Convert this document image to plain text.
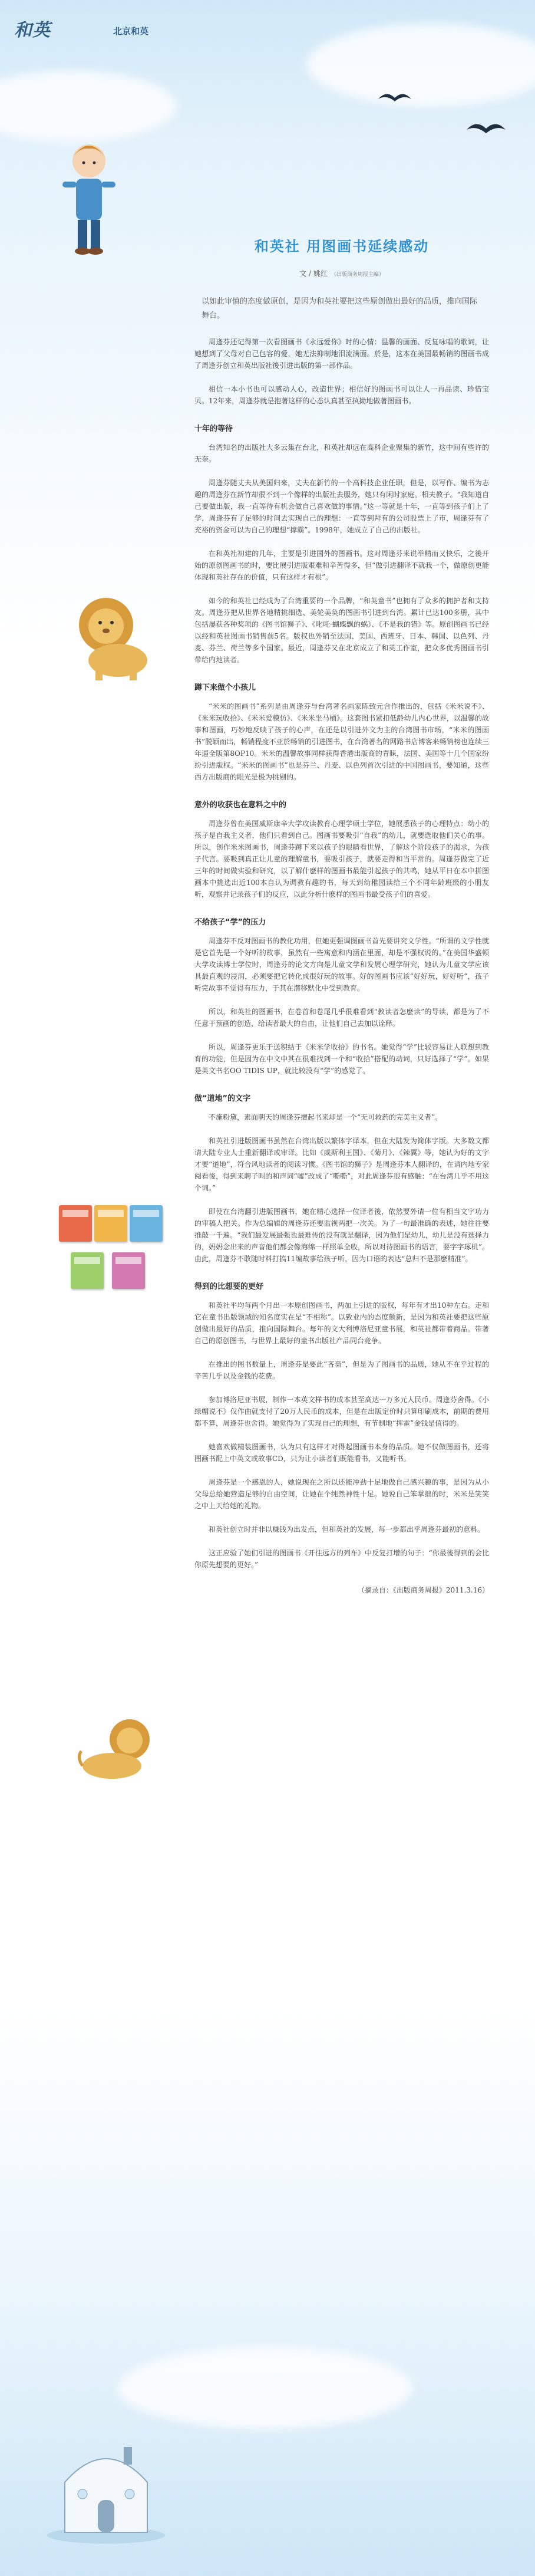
和英	北京和英
和英社 用图画书延续感动
文 / 姚红 （出版商务周报主编）

以如此审慎的态度做原创，是因为和英社要把这些原创做出最好的品质，推向国际舞台。

周逢芬还记得第一次看图画书《永远爱你》时的心情：温馨的画面、反复咏唱的歌词，让她想到了父母对自己包容的爱，她无法抑制地泪流满面。於是，这本在美国最畅销的图画书成了周逢芬创立和英出版社後引进出版的第一部作品。

相信一本小书也可以感动人心，改造世界；相信好的图画书可以让人一再品读、珍惜宝贝。12年来，周逢芬就是抱著这样的心态认真甚至执拗地做著图画书。

十年的等待

台湾知名的出版社大多云集在台北，和英社却远在高科企业聚集的新竹，这中间有些许的无奈。

周逢芬随丈夫从美国归来，丈夫在新竹的一个高科技企业任职，但是，以写作、编书为志趣的周逢芬在新竹却很不到一个像样的出版社去服务，她只有闲时家庭。相夫教子。“我知道自己要做出版，我一直等待有机会做自己喜欢做的事情。”这一等就是十年，一直等到孩子们上了学，周逢芬有了足够的时间去实现自己的理想：一直等到拜有的公司股票上了市，周逢芬有了充裕的资金可以为自己的理想“撑霸”。1998年，她成立了自己的出版社。

在和英社初建的几年，主要是引进国外的图画书。这对周逢芬来说举精而又快乐，之後开始的原创图画书的时，要比展引进版艰难和辛苦得多，但“做引进翻译不就我一个，做原创更能体现和英社存在的价值，只有这样才有根”。

如今的和英社已经成为了台湾重要的一个品牌，“和英童书”也拥有了众多的拥护者和支持友。周逢芬把从世界各地精挑细选、美轮美奂的图画书引进到台湾。累计已达100多册，其中包括屡获各种奖项的《图书馆狮子》、《叱吒·蝴蝶飘的蜗》、《不是我的错》等。原创图画书已经以经和英社图画书销售前5名。版权也外销至法国、美国、西班牙、日本、韩国、以色列、丹麦、芬兰、荷兰等多个国家。最近，周逢芬又在北京成立了和英工作室，把众多优秀图画书引带给内地读者。

蹲下来做个小孩儿

“米米的图画书”系列是由周逢芬与台湾著名画家陈致元合作推出的，包括《米米说不》、《米米玩收拾》、《米米爱模仿》、《米米坐马桶》。这套图书紧扣低龄幼儿内心世界，以温馨的故事和图画，巧妙地反映了孩子的心声，在还是以引进外文为主的台湾图书市场，“米米的图画书”脱颖而出，畅销程度不亚於畅销的引进图书，在台湾著名的网路书店博客来畅销榜也连续三年逼全版第8OP10。米米的温馨故事同样获得香港出版商的青睐，法国、美国等十几个国家纷纷引进版权。“米米的图画书”也是芬兰、丹麦、以色列首次引进的中国图画书，要知道，这些西方出版商的眼光是极为挑剔的。

意外的收获也在意料之中的

周逢芬曾在美国威斯康辛大学攻读教育心理学硕士学位，她展悉孩子的心理特点：幼小的孩子是自我主义者，他们只看到自己。图画书要吸引“自我”的幼儿，就要选取他们关心的事。所以，创作米米图画书，周逢芬蹲下来以孩子的眼睛看世界，了解这个阶段孩子的渴求，为孩子代言。要吸到真正让儿童的理解童书，要吸引孩子，就要走得和当平常的。周逢芬做完了近三年的时间做实验和研究，以了解什麽样的图画书最能引起孩子的共鸣，她从平日在本中拼图画本中挑选出近100本自认为调教有趣的书，每天到幼稚园读给三个不同年龄班级的小朋友听，观察并记录孩子们的反应，以此分析什麽样的图画书最受孩子们的喜爱。

不给孩子“学”的压力

周逢芬不反对图画书的教化功用，但她更强调图画书首先要讲究文学性。“所谓的文学性就是它首先是一个好听的故事，虽然有一些寓意和内涵在里面，却是不强权说的。”在美国华盛顿大学攻读博士学位时，周逢芬的论文方向是儿童文学和发展心理学研究，她认为儿童文学应该具最直观的浸润，必须要把它转化成很好玩的故事。好的图画书应该“好好玩，好好听”，孩子听完故事不觉得有压力，于其在潜移默化中受到教育。

所以，和英社的图画书，在卷首和卷尾几乎很难看到“教读者怎麽读”的导读，都是为了不任意干预画的创造，给读者最大的自由，让他们自己去加以诠释。

所以，周逢芬更乐于送积结于《米米学收拾》的书名。她觉得“学”比较容易让人联想到教育的功能，但是因为在中文中其在很难找到一个和“收拾”搭配的动词，只好选择了“学”。如果是英文书名OO TIDIS UP，就比较没有“学”的感觉了。

做“道地”的文字

不施粉黛，素面朝天的周逢芬擅起书来却是一个“无可救药的完美主义者”。

和英社引进版图画书虽然在台湾出版以繁体字译本，但在大陆发为简体字版。大多数文都请大陆专业人士重新翻译或审译。比如《威斯利王国》、《菊月》、《辣翼》等，她认为好的文字才要“道地”，符合风地读者的阅读习惯。《图书馆的狮子》是周逢芬本人翻译的，在请内地专家阅看後，得到来聘子叫的和声词“嘘”改成了“嘶嘶”，对此周逢芬很有感触：“在台湾几乎不用这个词。”

即使在台湾翻引进版图画书，她在精心选择一位译者後，依然要外请一位有相当文字功力的审稿人把关。作为总编辑的周逢芬还要监视两把一次关。为了一句最准确的表述，她往往要推敲一千遍。“我们最发展最强也最难传的没有就是翻译，因为他们是幼儿，幼儿是没有选择力的，妈妈念出来的声音他们都会像海绵一样照单全收，所以对待图画书的语言，要字字琢机”。由此，周逢芬不敢随时料打搞11编故事给孩子听，因为口语的表达“总归不是那麽精准”。

得到的比想要的更好

和英社平均每两个月出一本原创图画书，两加上引进的版权，每年有才出10种左右。走和它在童书出版领域的知名度实在是“不相称”。以致业内的态度颇新，是因为和英社要把这些原创做出最好的品质，推向国际舞台。每年的文大利博洛尼亚童书展，和英社都带着商品。带著自己的原创图书，与世界上最好的童书出版社产品同台竞争。

在推出的图书数量上，周逢芬是要此“吝啬”，但是为了图画书的品质，她从不在乎过程的辛苦几乎以及金钱的花费。

参加博洛尼亚书展，制作一本英文样书的成本甚至高达一万多元人民币。周逢芬舍得。《小绿帽说不》仅作曲就支付了20万人民币的成本，但是在出版定价时只算印刷成本，前期的费用都不算，周逢芬也舍得。她觉得为了实现自己的理想，有节制地“挥霍”金钱是值得的。

她喜欢做精装图画书，认为只有这样才对得起图画书本身的品质。她不仅做图画书，还将图画书配上中英文或故事CD，只为让小读者们既能看书，又能听书。

周逢芬是一个感恩的人，她说现在之所以还能冲劲十足地做自己感兴趣的事，是因为从小父母总给她营造足够的自由空间，让她在个纯然神性十足。她说自己笨掌拙的时，米米是笑笑之中上天给她的礼物。

和英社创立时并非以赚钱为出发点，但和英社的发展，每一步都出乎周逢芬最初的意料。

这正应验了她们引进的图画书《开往远方的列车》中反复打增的句子：“你最後得到的会比你原先想要的更好。”

（摘录自：《出版商务周报》2011.3.16）
